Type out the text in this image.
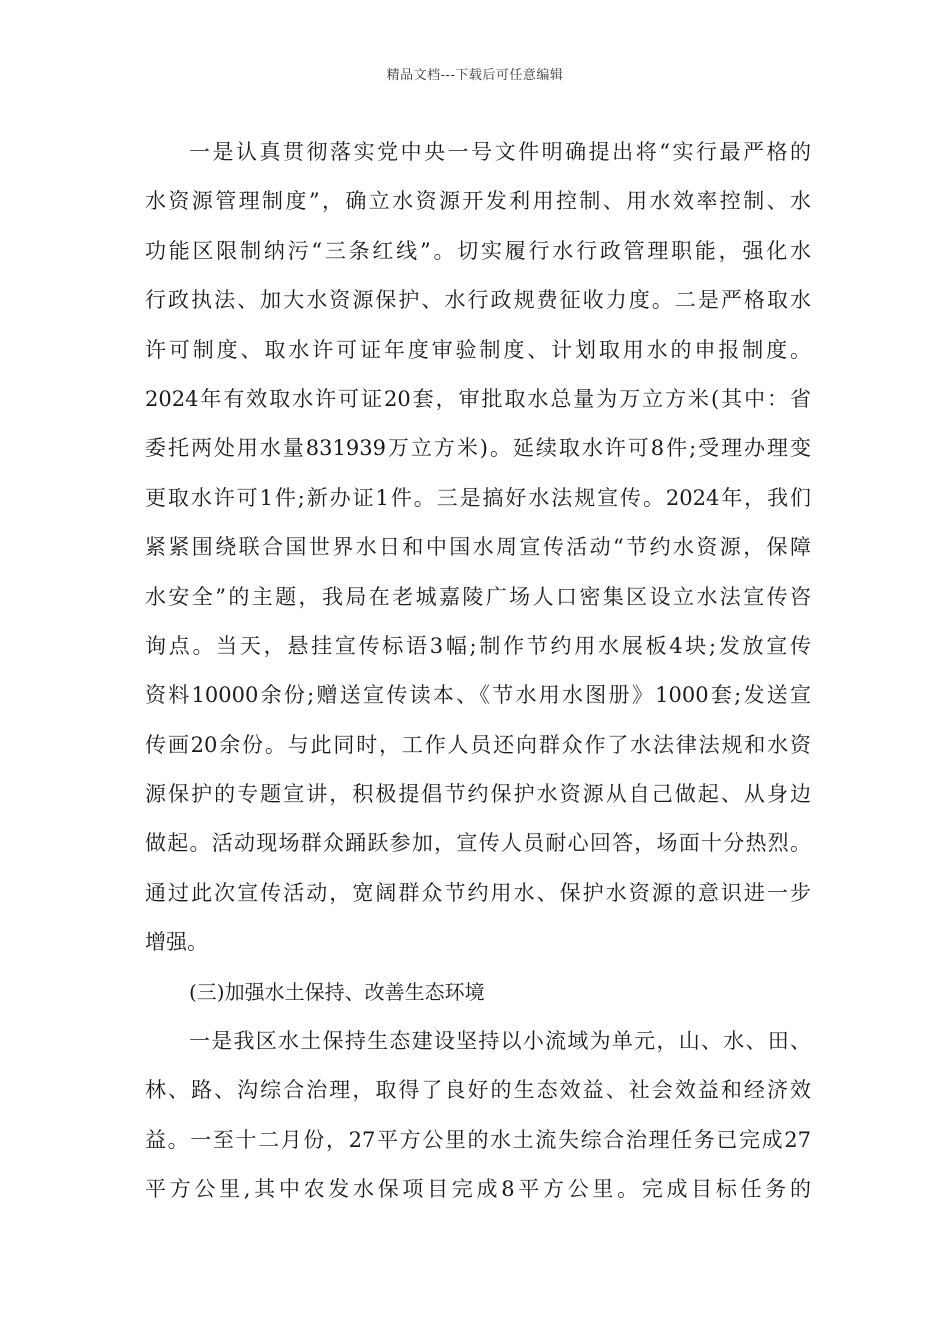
精品文档---下载后可任意编辑
一是认真贯彻落实党中央一号文件明确提出将“实行最严格的
水资源管理制度”，确立水资源开发利用控制、用水效率控制、水
功能区限制纳污“三条红线”。切实履行水行政管理职能，强化水
行政执法、加大水资源保护、水行政规费征收力度。二是严格取水
许可制度、取水许可证年度审验制度、计划取用水的申报制度。
2024年有效取水许可证20套，审批取水总量为万立方米(其中：省
委托两处用水量831939万立方米)。延续取水许可8件;受理办理变
更取水许可1件;新办证1件。三是搞好水法规宣传。2024年，我们
紧紧围绕联合国世界水日和中国水周宣传活动“节约水资源，保障
水安全”的主题，我局在老城嘉陵广场人口密集区设立水法宣传咨
询点。当天，悬挂宣传标语3幅;制作节约用水展板4块;发放宣传
资料10000余份;赠送宣传读本、《节水用水图册》1000套;发送宣
传画20余份。与此同时，工作人员还向群众作了水法律法规和水资
源保护的专题宣讲，积极提倡节约保护水资源从自己做起、从身边
做起。活动现场群众踊跃参加，宣传人员耐心回答，场面十分热烈。
通过此次宣传活动，宽阔群众节约用水、保护水资源的意识进一步
增强。
(三)加强水土保持、改善生态环境
一是我区水土保持生态建设坚持以小流域为单元，山、水、田、
林、路、沟综合治理，取得了良好的生态效益、社会效益和经济效
益。一至十二月份，27平方公里的水土流失综合治理任务已完成27
平方公里,其中农发水保项目完成8平方公里。完成目标任务的
